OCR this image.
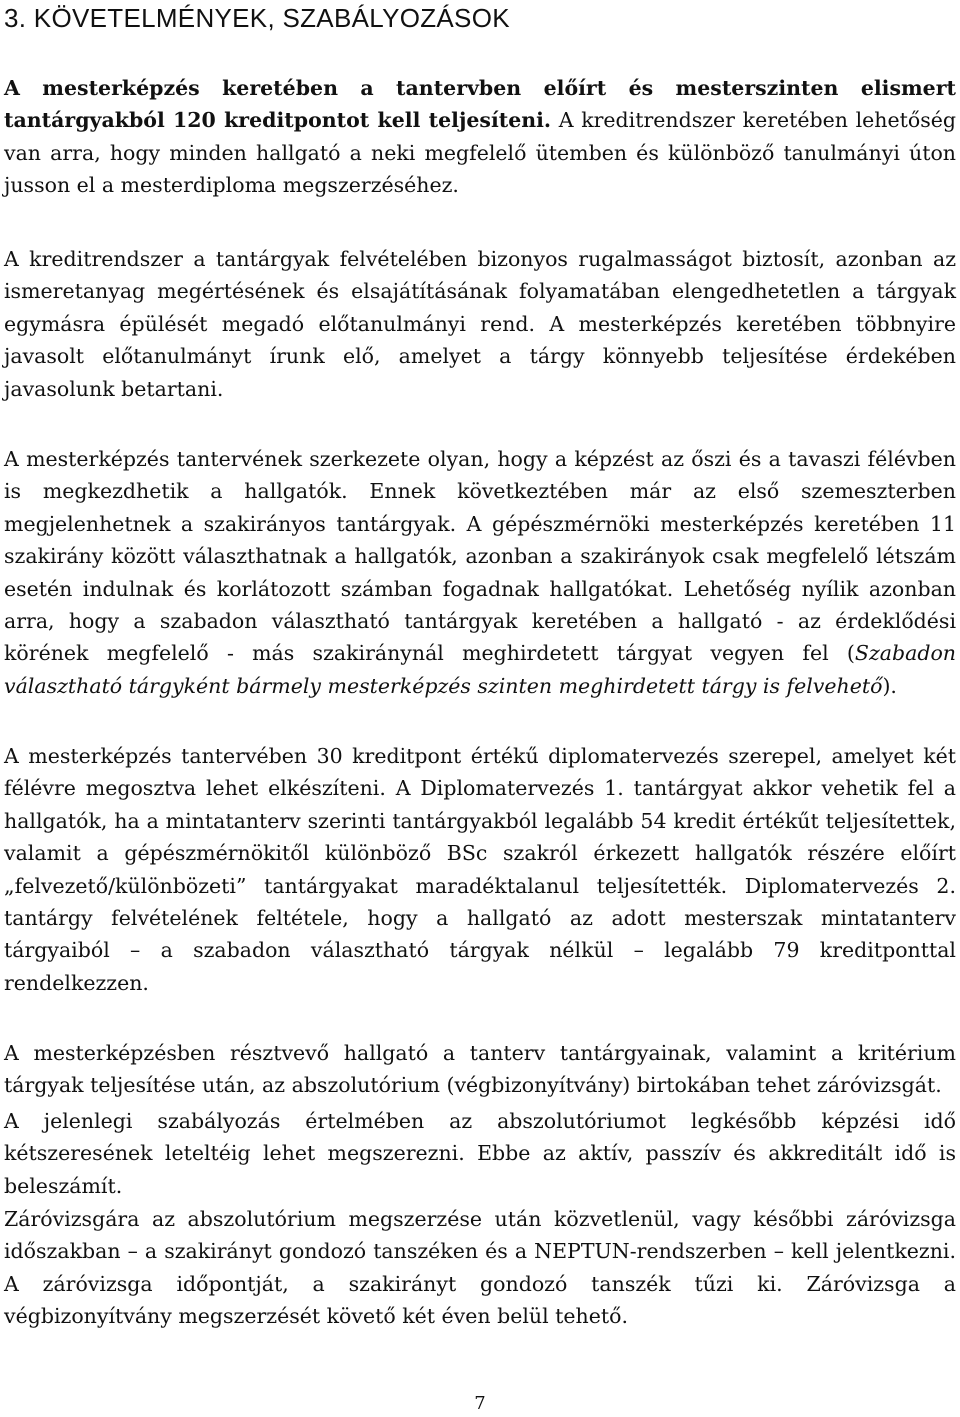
3. KÖVETELMÉNYEK, SZABÁLYOZÁSOK

A mesterképzés keretében a tantervben előírt és mesterszinten elismert tantárgyakból 120 kreditpontot kell teljesíteni. A kreditrendszer keretében lehetőség van arra, hogy minden hallgató a neki megfelelő ütemben és különböző tanulmányi úton jusson el a mesterdiploma megszerzéséhez.

A kreditrendszer a tantárgyak felvételében bizonyos rugalmasságot biztosít, azonban az ismeretanyag megértésének és elsajátításának folyamatában elengedhetetlen a tárgyak egymásra épülését megadó előtanulmányi rend. A mesterképzés keretében többnyire javasolt előtanulmányt írunk elő, amelyet a tárgy könnyebb teljesítése érdekében javasolunk betartani.

A mesterképzés tantervének szerkezete olyan, hogy a képzést az őszi és a tavaszi félévben is megkezdhetik a hallgatók. Ennek következtében már az első szemeszterben megjelenhetnek a szakirányos tantárgyak. A gépészmérnöki mesterképzés keretében 11 szakirány között választhatnak a hallgatók, azonban a szakirányok csak megfelelő létszám esetén indulnak és korlátozott számban fogadnak hallgatókat. Lehetőség nyílik azonban arra, hogy a szabadon választható tantárgyak keretében a hallgató - az érdeklődési körének megfelelő - más szakiránynál meghirdetett tárgyat vegyen fel (Szabadon választható tárgyként bármely mesterképzés szinten meghirdetett tárgy is felvehető).

A mesterképzés tantervében 30 kreditpont értékű diplomatervezés szerepel, amelyet két félévre megosztva lehet elkészíteni. A Diplomatervezés 1. tantárgyat akkor vehetik fel a hallgatók, ha a mintatanterv szerinti tantárgyakból legalább 54 kredit értékűt teljesítettek, valamit a gépészmérnökitől különböző BSc szakról érkezett hallgatók részére előírt „felvezető/különbözeti” tantárgyakat maradéktalanul teljesítették. Diplomatervezés 2. tantárgy felvételének feltétele, hogy a hallgató az adott mesterszak mintatanterv tárgyaiból – a szabadon választható tárgyak nélkül – legalább 79 kreditponttal rendelkezzen.

A mesterképzésben résztvevő hallgató a tanterv tantárgyainak, valamint a kritérium tárgyak teljesítése után, az abszolutórium (végbizonyítvány) birtokában tehet záróvizsgát.

A jelenlegi szabályozás értelmében az abszolutóriumot legkésőbb képzési idő kétszeresének leteltéig lehet megszerezni. Ebbe az aktív, passzív és akkreditált idő is beleszámít.

Záróvizsgára az abszolutórium megszerzése után közvetlenül, vagy későbbi záróvizsga időszakban – a szakirányt gondozó tanszéken és a NEPTUN-rendszerben – kell jelentkezni. A záróvizsga időpontját, a szakirányt gondozó tanszék tűzi ki. Záróvizsga a végbizonyítvány megszerzését követő két éven belül tehető.

7
